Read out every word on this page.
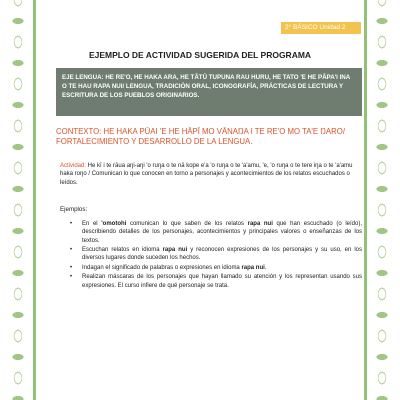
2° BÁSICO Unidad 2
EJEMPLO DE ACTIVIDAD SUGERIDA DEL PROGRAMA

EJE LENGUA: HE RE'O, HE HAKA ARA, HE TĀTŪ TUPUNA RAU HURU, HE TATO 'E HE PĀPA'I INA O TE HAU RAPA NUI/ LENGUA, TRADICIÓN ORAL, ICONOGRAFÍA, PRÁCTICAS DE LECTURA Y ESCRITURA DE LOS PUEBLOS ORIGINARIOS.

CONTEXTO: HE HAKA PŪAI 'E HE HĀPĪ MO VĀNAŊA I TE RE'O MO TA'E ŊARO/ FORTALECIMIENTO Y DESARROLLO DE LA LENGUA.
Actividad: He kī i te rāua aŋi-aŋi 'o ruŋa o te nā kope e'a 'o ruŋa o te 'a'amu, 'e, 'o ruŋa o te tere iŋa o te 'a'amu haka roŋo / Comunican lo que conocen en torno a personajes y acontecimientos de los relatos escuchados o leídos.
Ejemplos:
• En el 'omotohi comunican lo que saben de los relatos rapa nui que han escuchado (o leído), describiendo detalles de los personajes, acontecimientos y principales valores o enseñanzas de los textos.
• Escuchan relatos en idioma rapa nui y reconocen expresiones de los personajes y su uso, en los diversos lugares donde suceden los hechos.
• Indagan el significado de palabras o expresiones en idioma rapa nui.
• Realizan máscaras de los personajes que hayan llamado su atención y los representan usando sus expresiones. El curso infiere de qué personaje se trata.
